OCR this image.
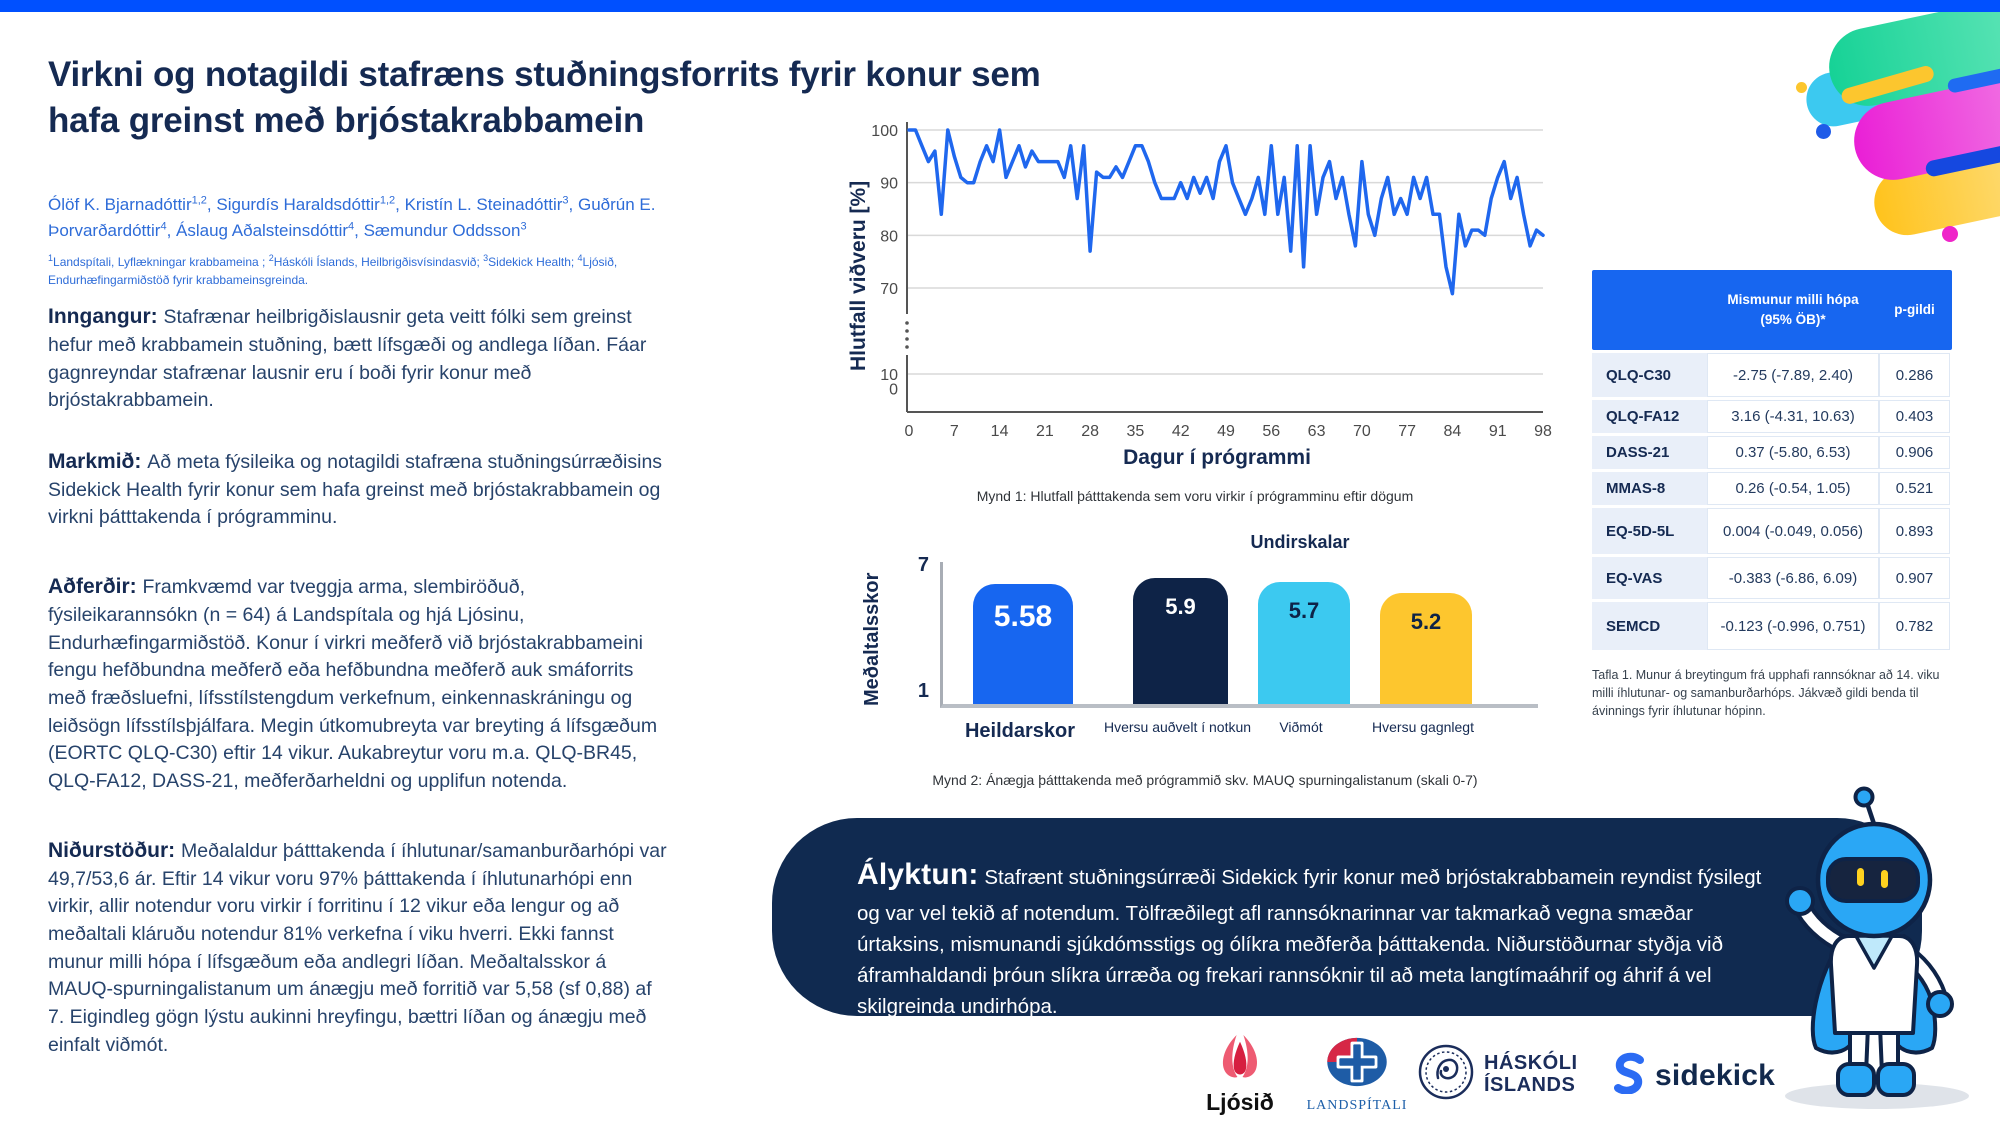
Virkni og notagildi stafræns stuðningsforrits fyrir konur sem
hafa greinst með brjóstakrabbamein
Ólöf K. Bjarnadóttir$^{1,2}$, Sigurdís Haraldsdóttir$^{1,2}$, Kristín L. Steinadóttir$^3$, Guðrún E. Þorvarðardóttir$^4$, Áslaug Aðalsteinsdóttir$^4$, Sæmundur Oddsson$^3$
$^1$Landspítali, Lyflækningar krabbameina ; $^2$Háskóli Íslands, Heilbrigðisvísindasvið; $^3$Sidekick Health; $^4$Ljósið, Endurhæfingarmiðstöð fyrir krabbameinsgreinda.

Inngangur: Stafrænar heilbrigðislausnir geta veitt fólki sem greinst hefur með krabbamein stuðning, bætt lífsgæði og andlega líðan. Fáar gagnreyndar stafrænar lausnir eru í boði fyrir konur með brjóstakrabbamein.

Markmið: Að meta fýsileika og notagildi stafræna stuðningsúrræðisins Sidekick Health fyrir konur sem hafa greinst með brjóstakrabbamein og virkni þátttakenda í prógramminu.

Aðferðir: Framkvæmd var tveggja arma, slembiröðuð, fýsileikarannsókn (n = 64) á Landspítala og hjá Ljósinu, Endurhæfingarmiðstöð. Konur í virkri meðferð við brjóstakrabbameini fengu hefðbundna meðferð eða hefðbundna meðferð auk smáforrits með fræðsluefni, lífsstílstengdum verkefnum, einkennaskráningu og leiðsögn lífsstílsþjálfara. Megin útkomubreyta var breyting á lífsgæðum (EORTC QLQ-C30) eftir 14 vikur. Aukabreytur voru m.a. QLQ-BR45, QLQ-FA12, DASS-21, meðferðarheldni og upplifun notenda.

Niðurstöður: Meðalaldur þátttakenda í íhlutunar/samanburðarhópi var 49,7/53,6 ár. Eftir 14 vikur voru 97% þátttakenda í íhlutunarhópi enn virkir, allir notendur voru virkir í forritinu í 12 vikur eða lengur og að meðaltali kláruðu notendur 81% verkefna í viku hverri. Ekki fannst munur milli hópa í lífsgæðum eða andlegri líðan. Meðaltalsskor á MAUQ-spurningalistanum um ánægju með forritið var 5,58 (sf 0,88) af 7. Eigindleg gögn lýstu aukinni hreyfingu, bættri líðan og ánægju með einfalt viðmót.

Hlutfall viðveru [%]
100
90
80
70
10
0
0 7 14 21 28 35 42 49 56 63 70 77 84 91 98
Dagur í prógrammi
Mynd 1: Hlutfall þátttakenda sem voru virkir í prógramminu eftir dögum
Undirskalar
Meðaltalsskor
7
1
5.58	5.9	5.7	5.2
Heildarskor	Hversu auðvelt í notkun	Viðmót	Hversu gagnlegt
Mynd 2: Ánægja þátttakenda með prógrammið skv. MAUQ spurningalistanum (skali 0-7)
Mismunur milli hópa (95% ÖB)*
p-gildi
QLQ-C30	-2.75 (-7.89, 2.40)	0.286
QLQ-FA12	3.16 (-4.31, 10.63)	0.403
DASS-21	0.37 (-5.80, 6.53)	0.906
MMAS-8	0.26 (-0.54, 1.05)	0.521
EQ-5D-5L	0.004 (-0.049, 0.056)	0.893
EQ-VAS	-0.383 (-6.86, 6.09)	0.907
SEMCD	-0.123 (-0.996, 0.751)	0.782
Tafla 1. Munur á breytingum frá upphafi rannsóknar að 14. viku milli íhlutunar- og samanburðarhóps. Jákvæð gildi benda til ávinnings fyrir íhlutunar hópinn.

Ályktun: Stafrænt stuðningsúrræði Sidekick fyrir konur með brjóstakrabbamein reyndist fýsilegt og var vel tekið af notendum. Tölfræðilegt afl rannsóknarinnar var takmarkað vegna smæðar úrtaksins, mismunandi sjúkdómsstigs og ólíkra meðferða þátttakenda. Niðurstöðurnar styðja við áframhaldandi þróun slíkra úrræða og frekari rannsóknir til að meta langtímaáhrif og áhrif á vel skilgreinda undirhópa.

Ljósið LANDSPÍTALI
HÁSKÓLI
ÍSLANDS	sidekick
